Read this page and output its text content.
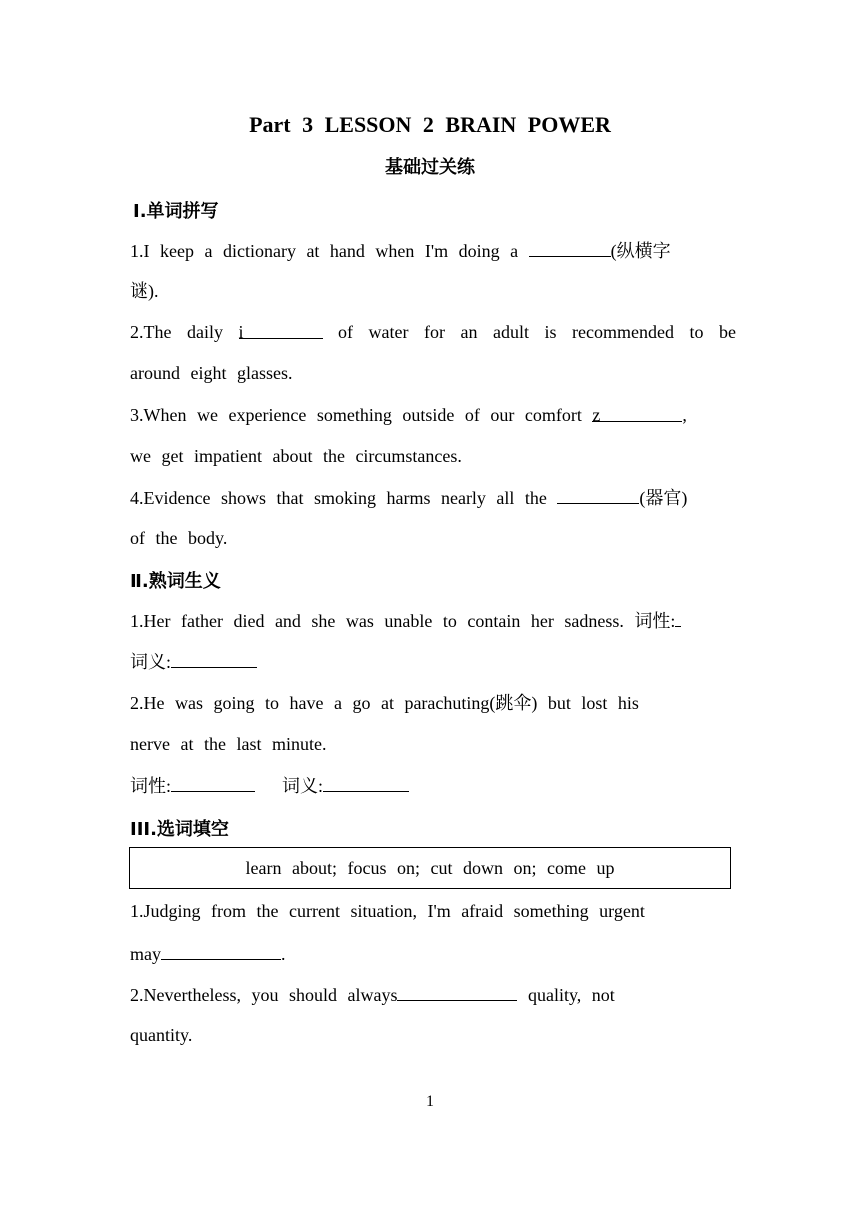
Part 3 LESSON 2 BRAIN POWER
基础过关练
Ⅰ.单词拼写
1.I keep a dictionary at hand when I'm doing a	(纵横字
谜).
2.The daily i	of water for an adult is recommended to be
around eight glasses.
3.When we experience something outside of our comfort z	,
we get impatient about the circumstances.
4.Evidence shows that smoking harms nearly all the	(器官)
of the body.
Ⅱ.熟词生义
1.Her father died and she was unable to contain her sadness. 词性:
词义:
2.He was going to have a go at parachuting(跳伞) but lost his
nerve at the last minute.
词性:	词义:
III.选词填空
learn about; focus on; cut down on; come up
1.Judging from the current situation, I'm afraid something urgent
may	.
2.Nevertheless, you should always	quality, not
quantity.
1
